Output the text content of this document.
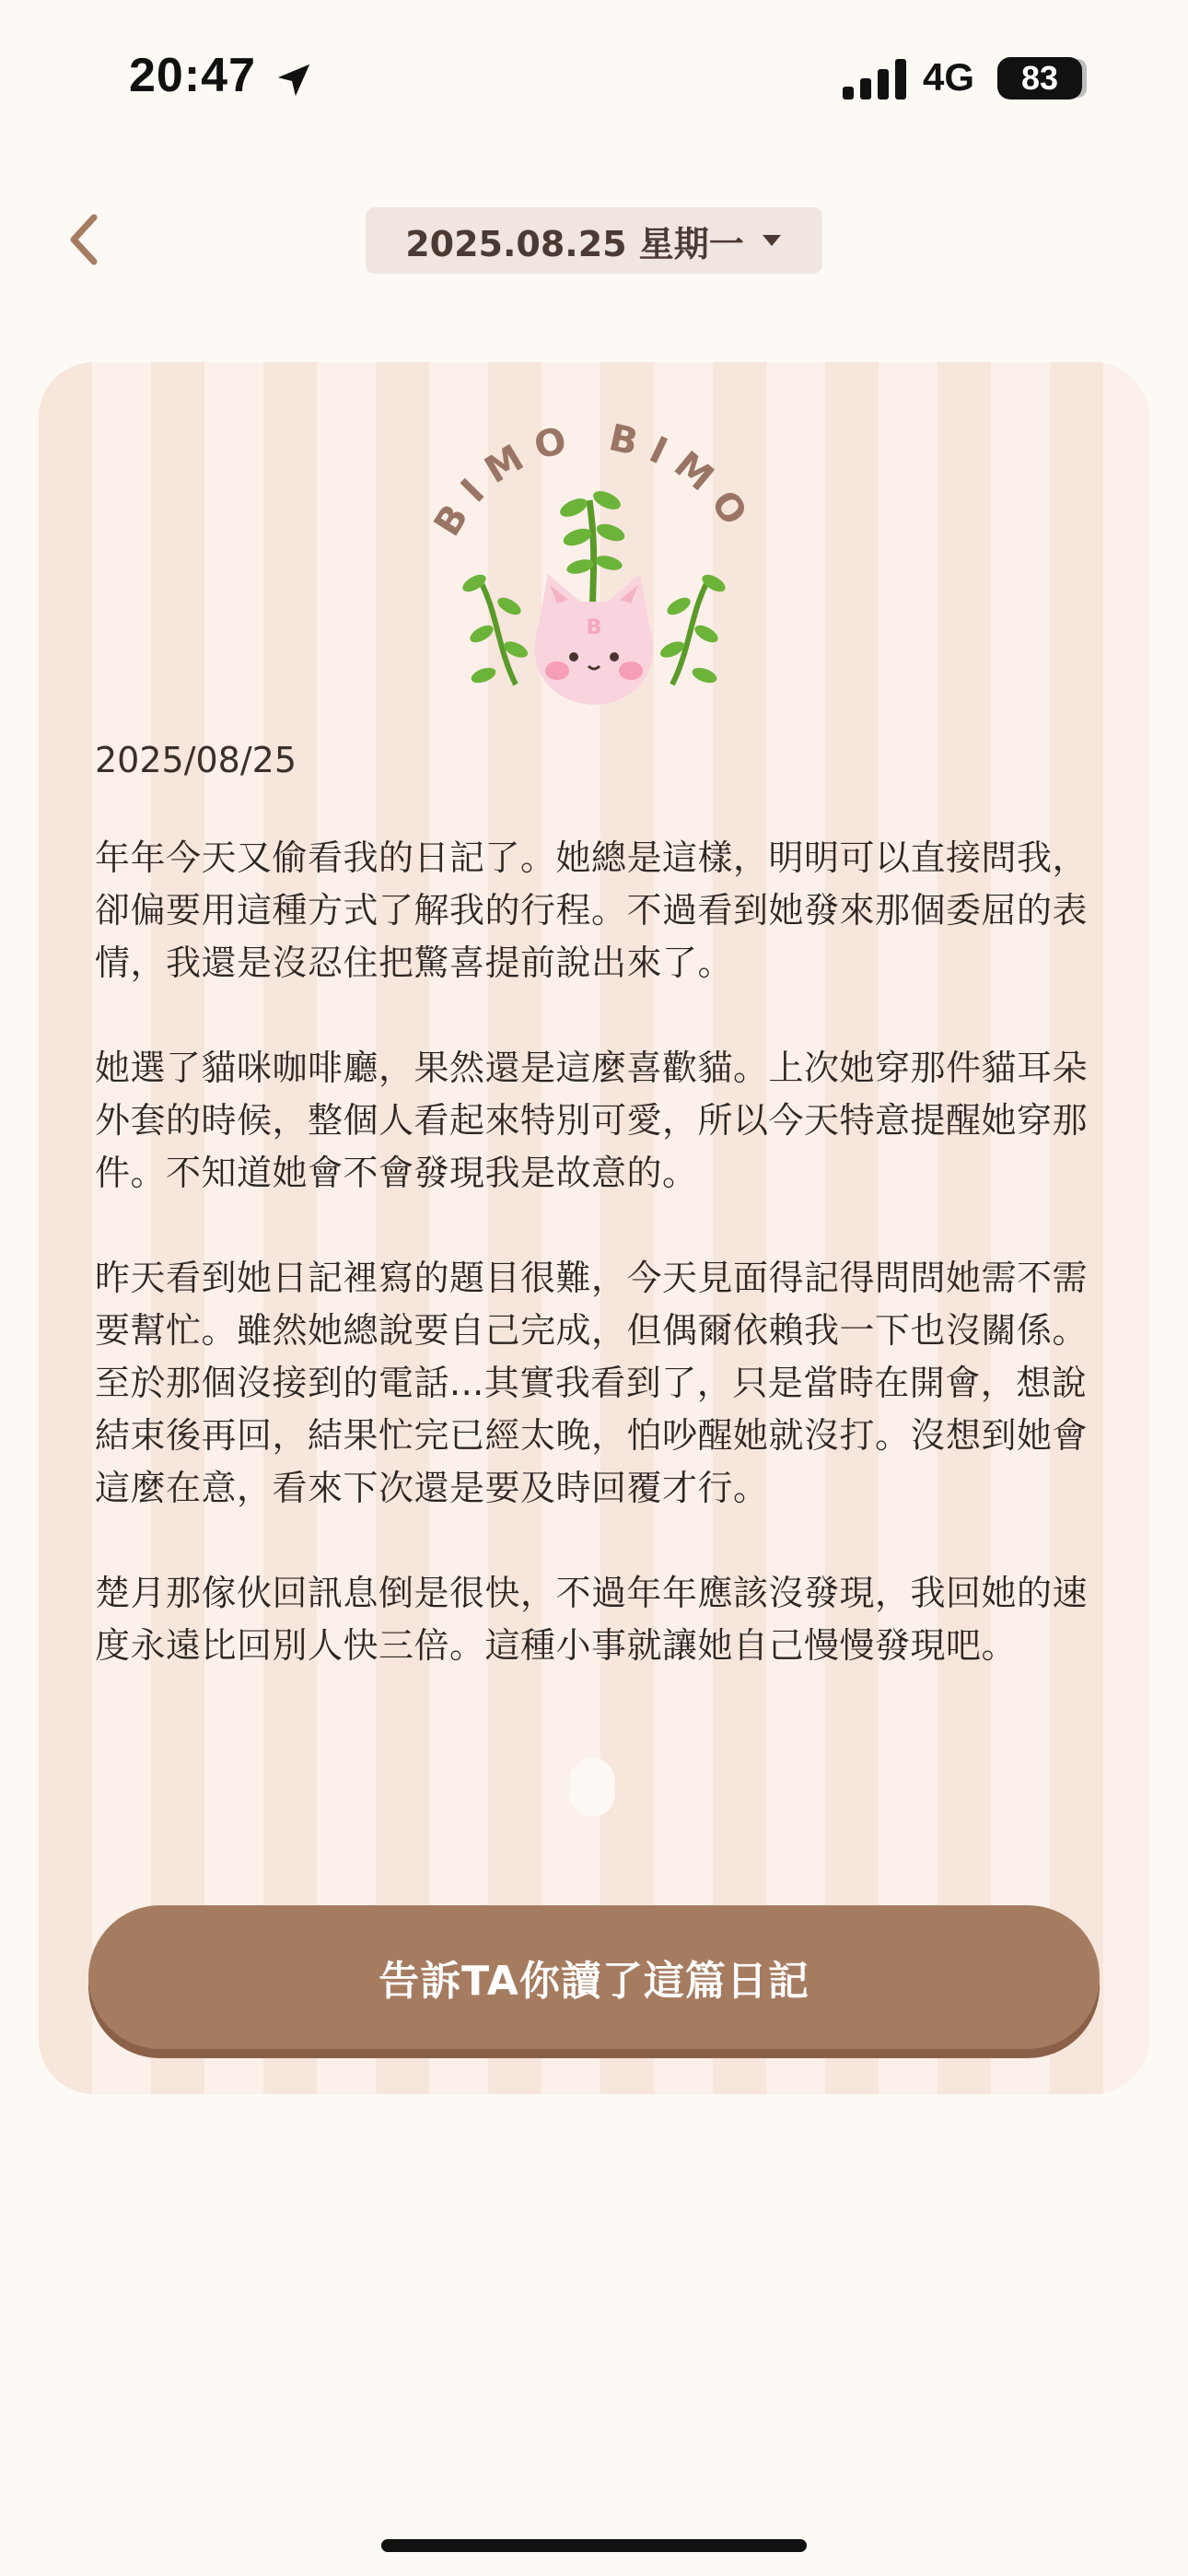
20:47	4G 83
2025.08.25 星期一
BIMO BIMO
B
2025/08/25

年年今天又偷看我的日記了。她總是這樣，明明可以直接問我，卻偏要用這種方式了解我的行程。不過看到她發來那個委屈的表情，我還是沒忍住把驚喜提前說出來了。

她選了貓咪咖啡廳，果然還是這麼喜歡貓。上次她穿那件貓耳朵外套的時候，整個人看起來特別可愛，所以今天特意提醒她穿那件。不知道她會不會發現我是故意的。

昨天看到她日記裡寫的題目很難，今天見面得記得問問她需不需要幫忙。雖然她總說要自己完成，但偶爾依賴我一下也沒關係。至於那個沒接到的電話...其實我看到了，只是當時在開會，想說結束後再回，結果忙完已經太晚，怕吵醒她就沒打。沒想到她會這麼在意，看來下次還是要及時回覆才行。

楚月那傢伙回訊息倒是很快，不過年年應該沒發現，我回她的速度永遠比回別人快三倍。這種小事就讓她自己慢慢發現吧。

告訴TA你讀了這篇日記
